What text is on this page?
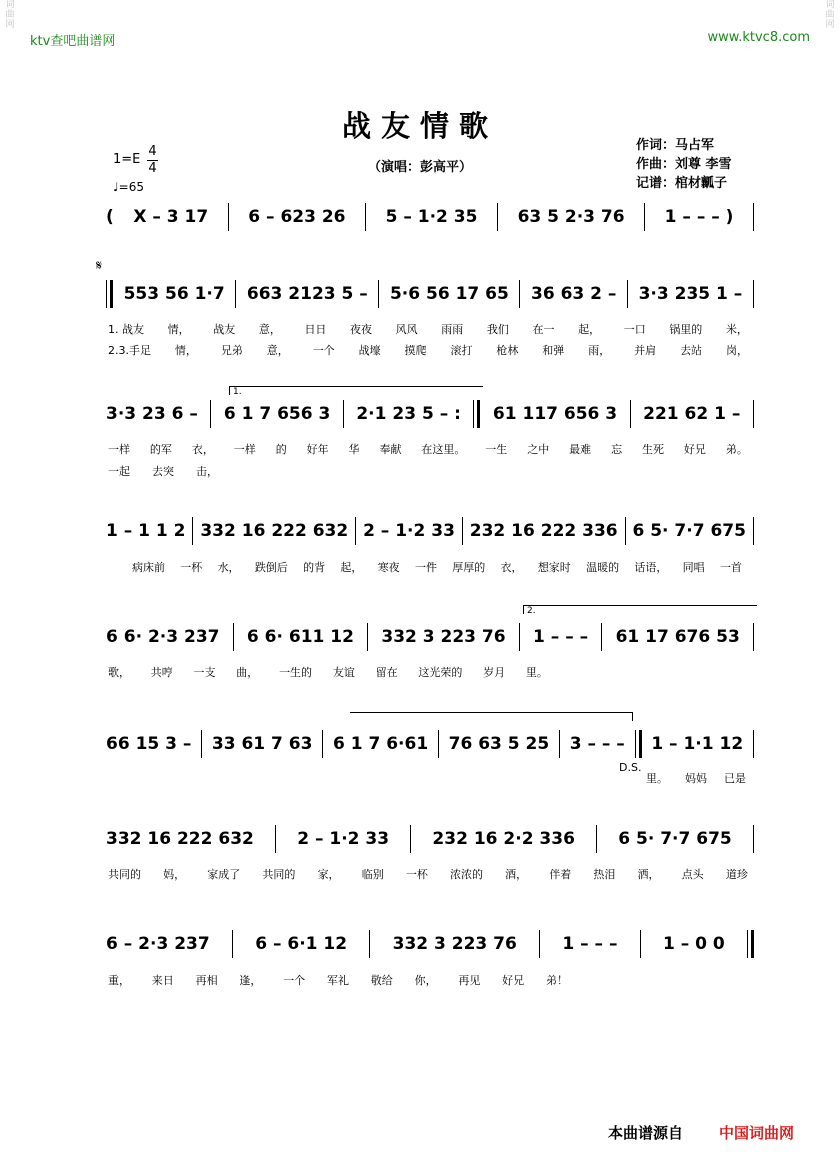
词曲网
词曲网
ktv查吧曲谱网	www.ktvc8.com
战友情歌
（演唱：彭高平）
作词：马占军
作曲：刘尊 李雪
记谱：棺材瓤子
1=E
4
4
♩=65
( X – 3 17 6 – 623 26 5 – 1·2 35 63 5 2·3 76 1 – – – )
𝄋
553 56 1·7 663 2123 5 – 5·6 56 17 65 36 63 2 – 3·3 235 1 –
1. 战友 情， 战友 意， 日日 夜夜 风风 雨雨 我们 在一 起， 一口 锅里的 米，
2.3.手足 情， 兄弟 意， 一个 战壕 摸爬 滚打 枪林 和弹 雨， 并肩 去站 岗，
1.
3·3 23 6 – 6 1 7 656 3 2·1 23 5 – : 61 117 656 3 221 62 1 –
一样 的军 衣， 一样 的 好年 华 奉献 在这里。 一生 之中 最难 忘 生死 好兄 弟。
一起 去突 击，
1 – 1 1 2 332 16 222 632 2 – 1·2 33 232 16 222 336 6 5· 7·7 675
病床前 一杯 水， 跌倒后 的背 起， 寒夜 一件 厚厚的 衣， 想家时 温暖的 话语， 同唱 一首
2.
6 6· 2·3 237 6 6· 611 12 332 3 223 76 1 – – – 61 17 676 53
歌， 共哼 一支 曲， 一生的 友谊 留在 这光荣的 岁月 里。
66 15 3 – 33 61 7 63 6 1 7 6·61 76 63 5 25 3 – – – 1 – 1·1 12
D.S.
里。 妈妈 已是
332 16 222 632	2 – 1·2 33	232 16 2·2 336	6 5· 7·7 675
共同的 妈， 家成了 共同的 家， 临别 一杯 浓浓的 酒， 伴着 热泪 洒， 点头 道珍
6 – 2·3 237	6 – 6·1 12	332 3 223 76	1 – – –	1 – 0 0
重， 来日 再相 逢， 一个 军礼 敬给 你， 再见 好兄 弟！
本曲谱源自 中国词曲网
